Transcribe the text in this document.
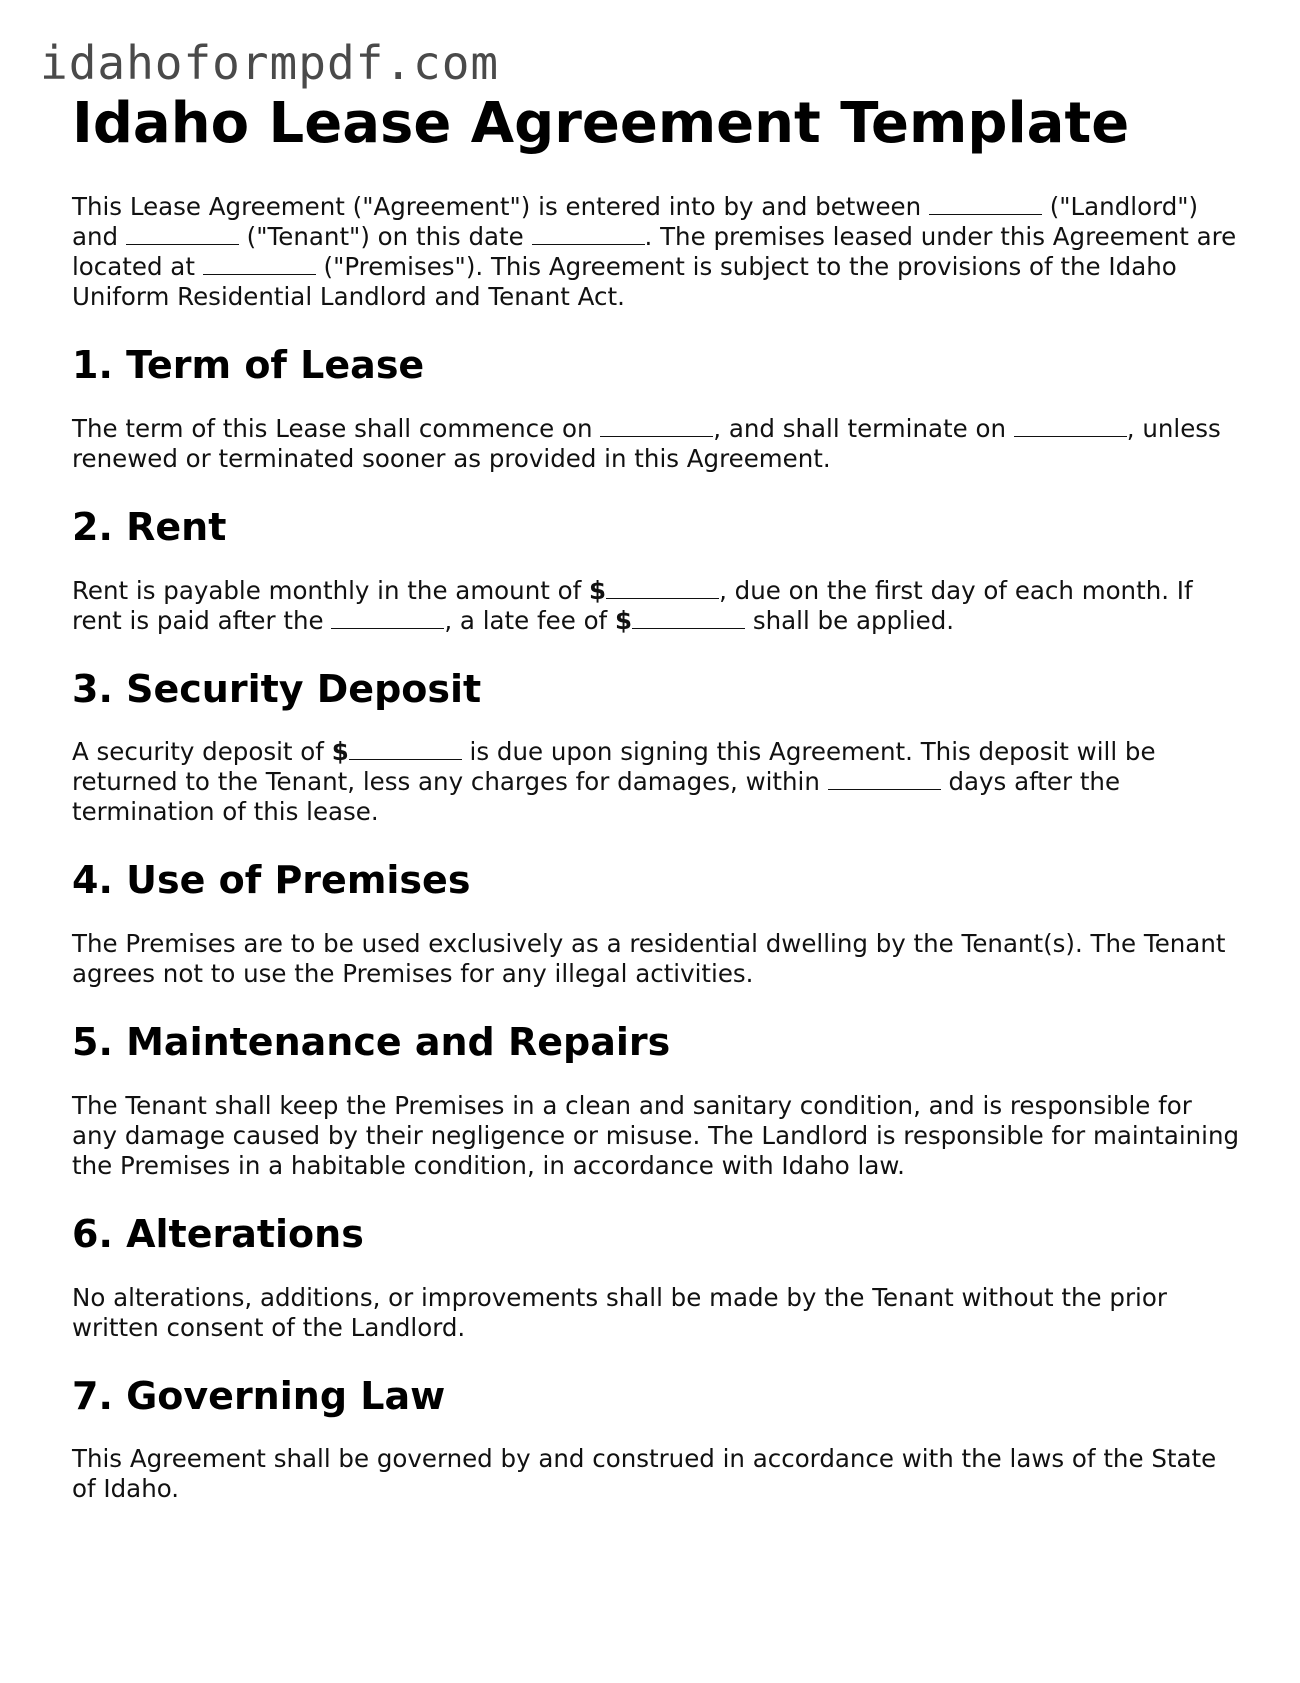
idahoformpdf.com
Idaho Lease Agreement Template

This Lease Agreement ("Agreement") is entered into by and between	("Landlord") and	("Tenant") on this date	. The premises leased under this Agreement are located at	("Premises"). This Agreement is subject to the provisions of the Idaho Uniform Residential Landlord and Tenant Act.

1. Term of Lease

The term of this Lease shall commence on	, and shall terminate on	, unless renewed or terminated sooner as provided in this Agreement.

2. Rent

Rent is payable monthly in the amount of $	, due on the first day of each month. If rent is paid after the	, a late fee of $	shall be applied.

3. Security Deposit

A security deposit of $	is due upon signing this Agreement. This deposit will be returned to the Tenant, less any charges for damages, within	days after the termination of this lease.

4. Use of Premises

The Premises are to be used exclusively as a residential dwelling by the Tenant(s). The Tenant agrees not to use the Premises for any illegal activities.

5. Maintenance and Repairs

The Tenant shall keep the Premises in a clean and sanitary condition, and is responsible for any damage caused by their negligence or misuse. The Landlord is responsible for maintaining the Premises in a habitable condition, in accordance with Idaho law.

6. Alterations

No alterations, additions, or improvements shall be made by the Tenant without the prior written consent of the Landlord.

7. Governing Law

This Agreement shall be governed by and construed in accordance with the laws of the State of Idaho.
